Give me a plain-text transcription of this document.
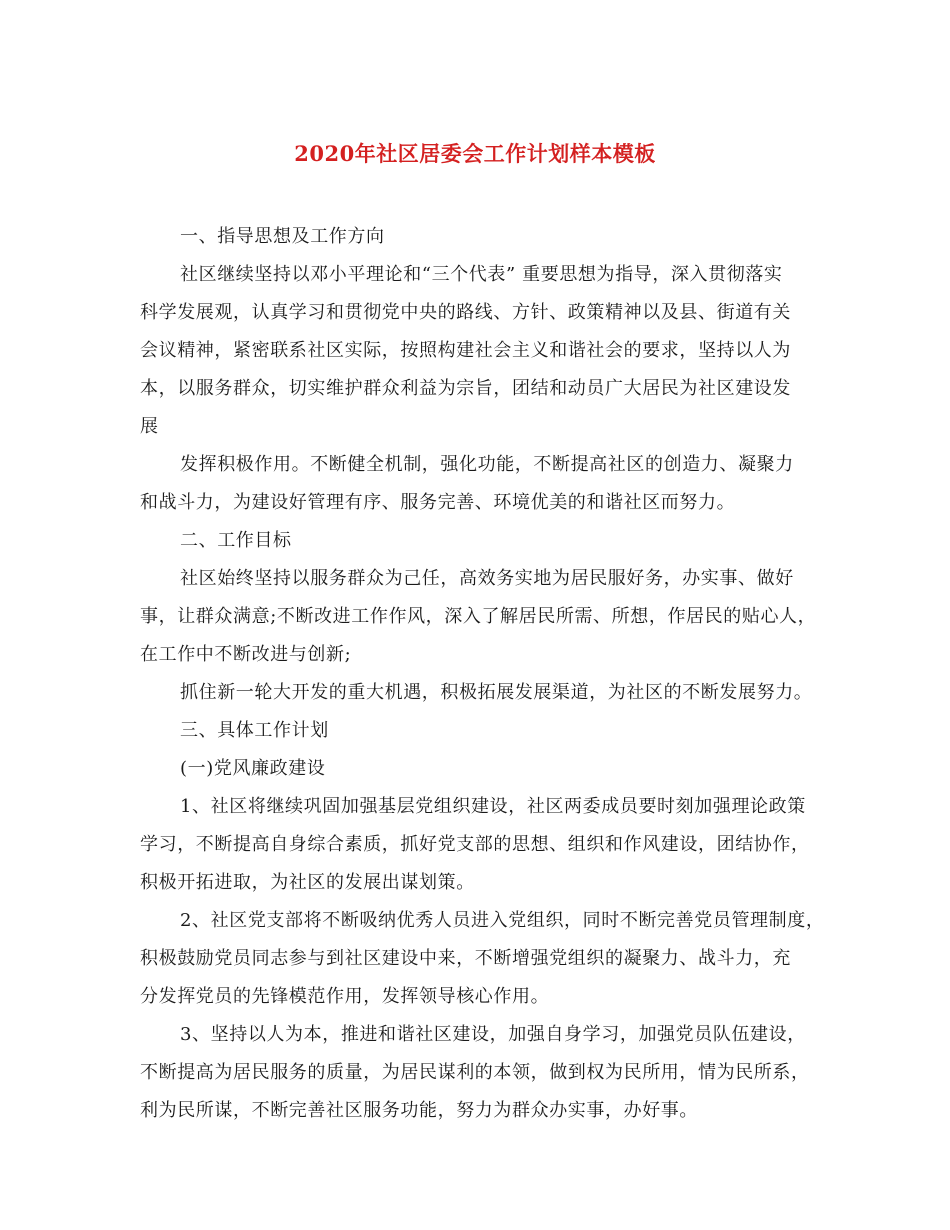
2020年社区居委会工作计划样本模板
一、指导思想及工作方向
社区继续坚持以邓小平理论和“三个代表” 重要思想为指导，深入贯彻落实
科学发展观，认真学习和贯彻党中央的路线、方针、政策精神以及县、街道有关
会议精神，紧密联系社区实际，按照构建社会主义和谐社会的要求，坚持以人为
本，以服务群众，切实维护群众利益为宗旨，团结和动员广大居民为社区建设发
展
发挥积极作用。不断健全机制，强化功能，不断提高社区的创造力、凝聚力
和战斗力，为建设好管理有序、服务完善、环境优美的和谐社区而努力。
二、工作目标
社区始终坚持以服务群众为己任，高效务实地为居民服好务，办实事、做好
事，让群众满意;不断改进工作作风，深入了解居民所需、所想，作居民的贴心人，
在工作中不断改进与创新;
抓住新一轮大开发的重大机遇，积极拓展发展渠道，为社区的不断发展努力。
三、具体工作计划
(一)党风廉政建设
1、社区将继续巩固加强基层党组织建设，社区两委成员要时刻加强理论政策
学习，不断提高自身综合素质，抓好党支部的思想、组织和作风建设，团结协作，
积极开拓进取，为社区的发展出谋划策。
2、社区党支部将不断吸纳优秀人员进入党组织，同时不断完善党员管理制度，
积极鼓励党员同志参与到社区建设中来，不断增强党组织的凝聚力、战斗力，充
分发挥党员的先锋模范作用，发挥领导核心作用。
3、坚持以人为本，推进和谐社区建设，加强自身学习，加强党员队伍建设，
不断提高为居民服务的质量，为居民谋利的本领，做到权为民所用，情为民所系，
利为民所谋，不断完善社区服务功能，努力为群众办实事，办好事。
